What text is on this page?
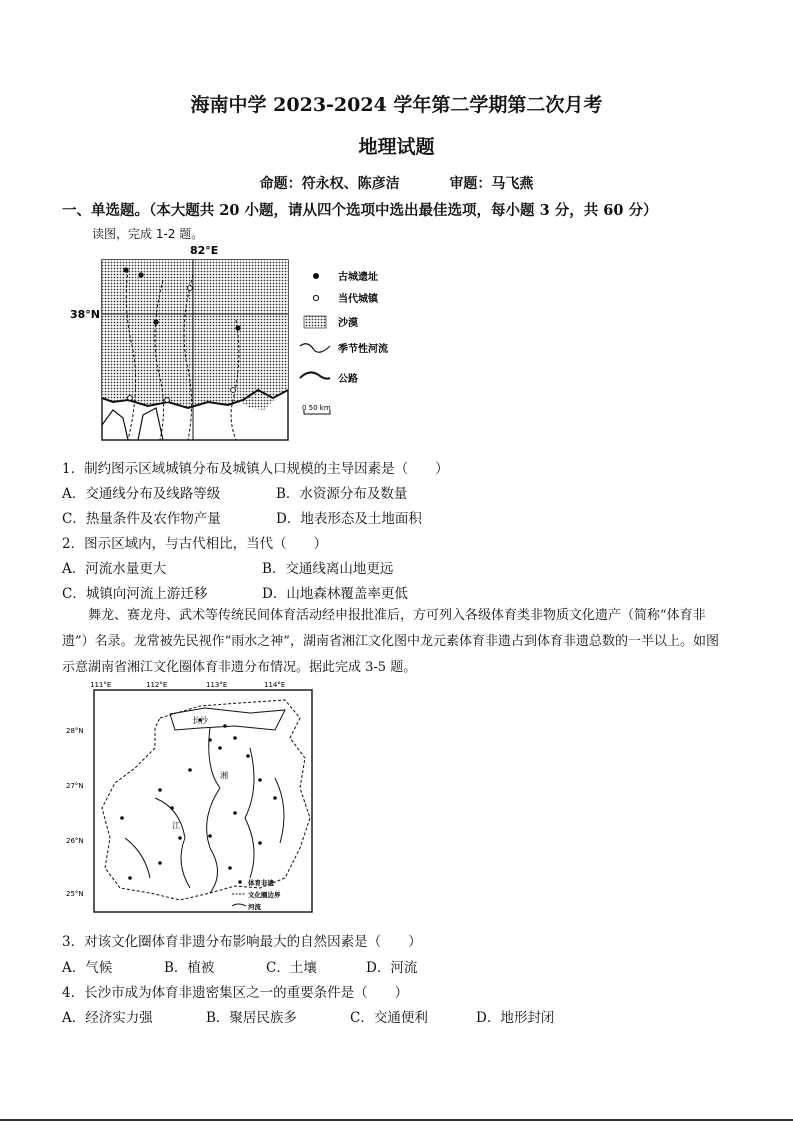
海南中学 2023-2024 学年第二学期第二次月考
地理试题
命题：符永权、陈彦洁	审题：马飞燕
一、单选题。（本大题共 20 小题，请从四个选项中选出最佳选项，每小题 3 分，共 60 分）
读图，完成 1-2 题。
82°E
38°N
古城遗址
当代城镇
沙漠
季节性河流
公路
0 50 km
1．制约图示区域城镇分布及城镇人口规模的主导因素是（　　）
A．交通线分布及线路等级	B．水资源分布及数量
C．热量条件及农作物产量	D．地表形态及土地面积
2．图示区域内，与古代相比，当代（　　）
A．河流水量更大	B．交通线离山地更远
C．城镇向河流上游迁移	D．山地森林覆盖率更低
舞龙、赛龙舟、武术等传统民间体育活动经申报批准后，方可列入各级体育类非物质文化遗产（简称“体育非遗”）名录。龙常被先民视作“雨水之神”，湖南省湘江文化图中龙元素体育非遗占到体育非遗总数的一半以上。如图示意湖南省湘江文化圈体育非遗分布情况。据此完成 3-5 题。
111°E	112°E	113°E	114°E
28°N
27°N
26°N
25°N
长沙
湘
江
体育非遗
文化圈边界
河流
3．对该文化圈体育非遗分布影响最大的自然因素是（　　）
A．气候	B．植被	C．土壤	D．河流
4．长沙市成为体育非遗密集区之一的重要条件是（　　）
A．经济实力强	B．聚居民族多	C．交通便利	D．地形封闭
